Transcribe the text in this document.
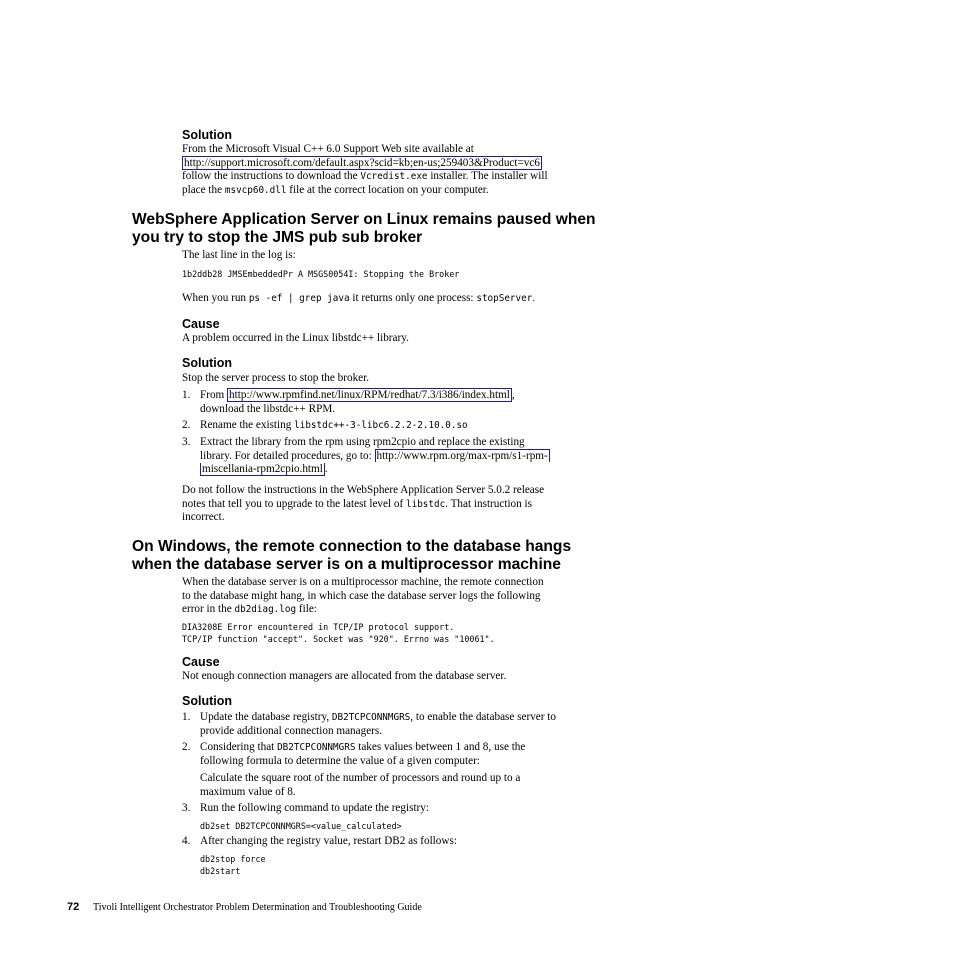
Solution
From the Microsoft Visual C++ 6.0 Support Web site available at
http://support.microsoft.com/default.aspx?scid=kb;en-us;259403&Product=vc6
follow the instructions to download the Vcredist.exe installer. The installer will
place the msvcp60.dll file at the correct location on your computer.
WebSphere Application Server on Linux remains paused when
you try to stop the JMS pub sub broker
The last line in the log is:
1b2ddb28 JMSEmbeddedPr A MSGS0054I: Stopping the Broker
When you run ps -ef | grep java it returns only one process: stopServer.
Cause
A problem occurred in the Linux libstdc++ library.
Solution
Stop the server process to stop the broker.
1. From http://www.rpmfind.net/linux/RPM/redhat/7.3/i386/index.html ,
download the libstdc++ RPM.
2. Rename the existing libstdc++-3-libc6.2.2-2.10.0.so
3. Extract the library from the rpm using rpm2cpio and replace the existing
library. For detailed procedures, go to: http://www.rpm.org/max-rpm/s1-rpm-
miscellania-rpm2cpio.html .
Do not follow the instructions in the WebSphere Application Server 5.0.2 release
notes that tell you to upgrade to the latest level of libstdc. That instruction is
incorrect.
On Windows, the remote connection to the database hangs
when the database server is on a multiprocessor machine
When the database server is on a multiprocessor machine, the remote connection
to the database might hang, in which case the database server logs the following
error in the db2diag.log file:
DIA3208E Error encountered in TCP/IP protocol support.
TCP/IP function "accept". Socket was "920". Errno was "10061".
Cause
Not enough connection managers are allocated from the database server.
Solution
1. Update the database registry, DB2TCPCONNMGRS, to enable the database server to
provide additional connection managers.
2. Considering that DB2TCPCONNMGRS takes values between 1 and 8, use the
following formula to determine the value of a given computer:
Calculate the square root of the number of processors and round up to a
maximum value of 8.
3. Run the following command to update the registry:
db2set DB2TCPCONNMGRS=<value_calculated>
4. After changing the registry value, restart DB2 as follows:
db2stop force
db2start
72 Tivoli Intelligent Orchestrator Problem Determination and Troubleshooting Guide
